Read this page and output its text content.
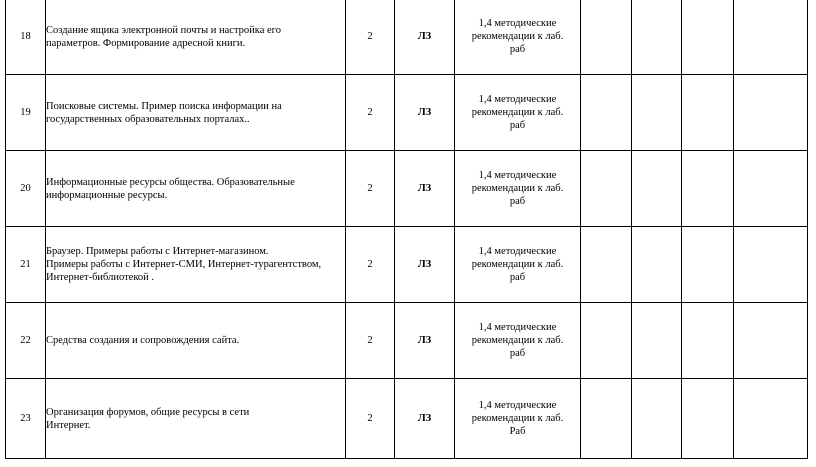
18	Создание ящика электронной почты и настройка его
параметров. Формирование адресной книги.	2	ЛЗ	1,4 методические
рекомендации к лаб.
раб				

19	Поисковые системы. Пример поиска информации на
государственных образовательных порталах..	2	ЛЗ	1,4 методические
рекомендации к лаб.
раб				

20	Информационные ресурсы общества. Образовательные
информационные ресурсы.	2	ЛЗ	1,4 методические
рекомендации к лаб.
раб				

21	Браузер. Примеры работы с Интернет-магазином.
Примеры работы с Интернет-СМИ, Интернет-турагентством,
Интернет-библиотекой .	2	ЛЗ	1,4 методические
рекомендации к лаб.
раб				

22	Средства создания и сопровождения сайта.	2	ЛЗ	1,4 методические
рекомендации к лаб.
раб				

23	Организация форумов, общие ресурсы в сети
Интернет.	2	ЛЗ	1,4 методические
рекомендации к лаб.
Раб				
